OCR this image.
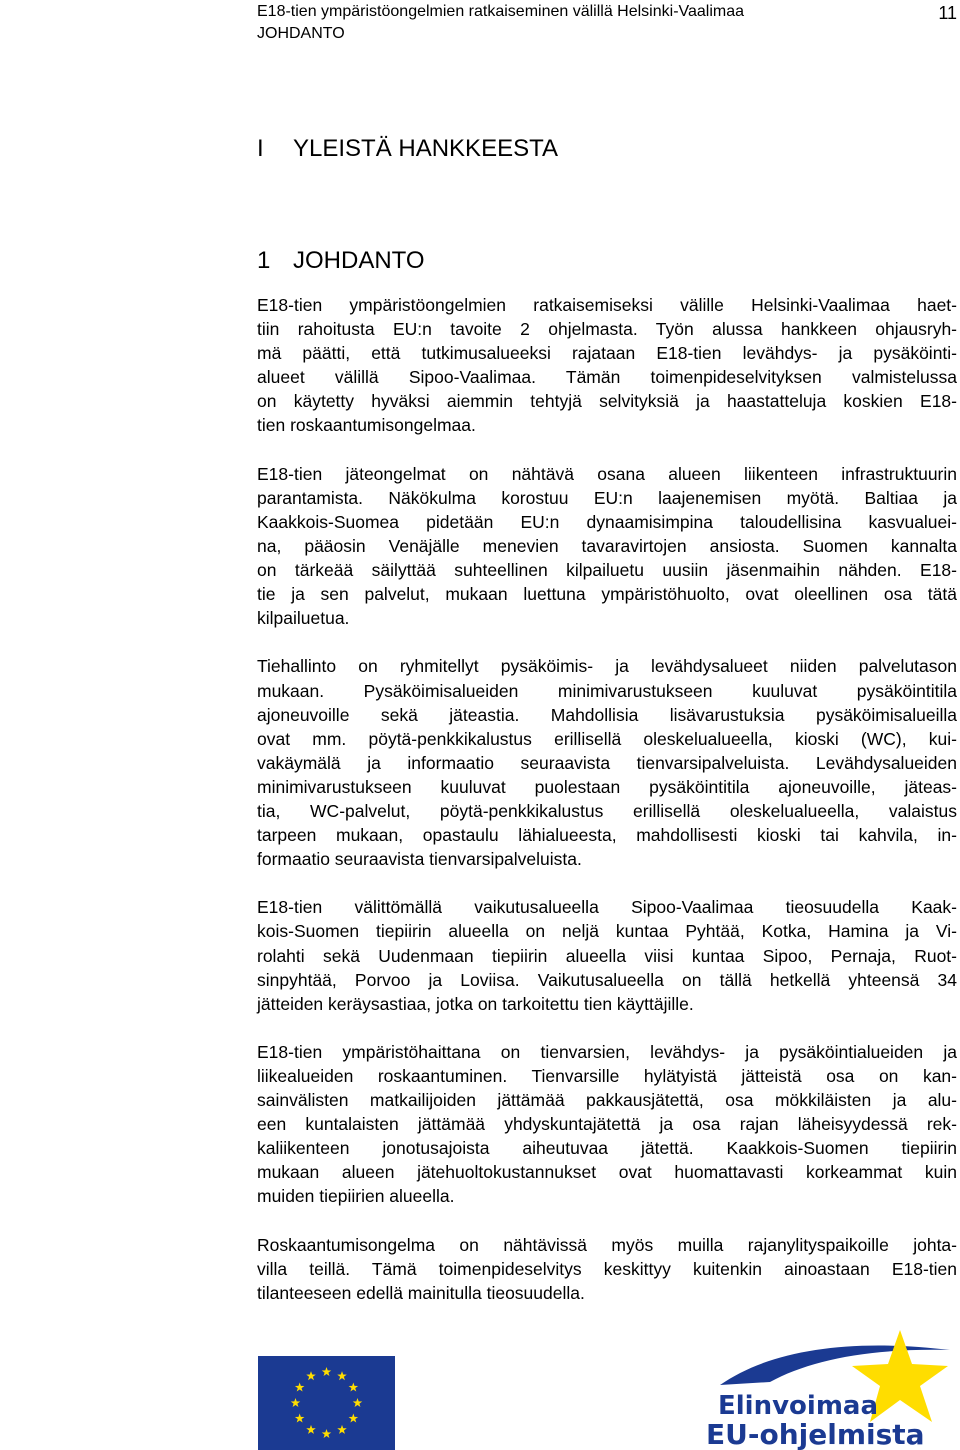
E18-tien ympäristöongelmien ratkaiseminen välillä Helsinki-Vaalimaa
JOHDANTO
11
I YLEISTÄ HANKKEESTA
1 JOHDANTO

E18-tien ympäristöongelmien ratkaisemiseksi välille Helsinki-Vaalimaa haet-
tiin rahoitusta EU:n tavoite 2 ohjelmasta. Työn alussa hankkeen ohjausryh-
mä päätti, että tutkimusalueeksi rajataan E18-tien levähdys- ja pysäköinti-
alueet välillä Sipoo-Vaalimaa. Tämän toimenpideselvityksen valmistelussa
on käytetty hyväksi aiemmin tehtyjä selvityksiä ja haastatteluja koskien E18-
tien roskaantumisongelmaa.

E18-tien jäteongelmat on nähtävä osana alueen liikenteen infrastruktuurin
parantamista. Näkökulma korostuu EU:n laajenemisen myötä. Baltiaa ja
Kaakkois-Suomea pidetään EU:n dynaamisimpina taloudellisina kasvualuei-
na, pääosin Venäjälle menevien tavaravirtojen ansiosta. Suomen kannalta
on tärkeää säilyttää suhteellinen kilpailuetu uusiin jäsenmaihin nähden. E18-
tie ja sen palvelut, mukaan luettuna ympäristöhuolto, ovat oleellinen osa tätä
kilpailuetua.

Tiehallinto on ryhmitellyt pysäköimis- ja levähdysalueet niiden palvelutason
mukaan. Pysäköimisalueiden minimivarustukseen kuuluvat pysäköintitila
ajoneuvoille sekä jäteastia. Mahdollisia lisävarustuksia pysäköimisalueilla
ovat mm. pöytä-penkkikalustus erillisellä oleskelualueella, kioski (WC), kui-
vakäymälä ja informaatio seuraavista tienvarsipalveluista. Levähdysalueiden
minimivarustukseen kuuluvat puolestaan pysäköintitila ajoneuvoille, jäteas-
tia, WC-palvelut, pöytä-penkkikalustus erillisellä oleskelualueella, valaistus
tarpeen mukaan, opastaulu lähialueesta, mahdollisesti kioski tai kahvila, in-
formaatio seuraavista tienvarsipalveluista.

E18-tien välittömällä vaikutusalueella Sipoo-Vaalimaa tieosuudella Kaak-
kois-Suomen tiepiirin alueella on neljä kuntaa Pyhtää, Kotka, Hamina ja Vi-
rolahti sekä Uudenmaan tiepiirin alueella viisi kuntaa Sipoo, Pernaja, Ruot-
sinpyhtää, Porvoo ja Loviisa. Vaikutusalueella on tällä hetkellä yhteensä 34
jätteiden keräysastiaa, jotka on tarkoitettu tien käyttäjille.

E18-tien ympäristöhaittana on tienvarsien, levähdys- ja pysäköintialueiden ja
liikealueiden roskaantuminen. Tienvarsille hylätyistä jätteistä osa on kan-
sainvälisten matkailijoiden jättämää pakkausjätettä, osa mökkiläisten ja alu-
een kuntalaisten jättämää yhdyskuntajätettä ja osa rajan läheisyydessä rek-
kaliikenteen jonotusajoista aiheutuvaa jätettä. Kaakkois-Suomen tiepiirin
mukaan alueen jätehuoltokustannukset ovat huomattavasti korkeammat kuin
muiden tiepiirien alueella.

Roskaantumisongelma on nähtävissä myös muilla rajanylityspaikoille johta-
villa teillä. Tämä toimenpideselvitys keskittyy kuitenkin ainoastaan E18-tien
tilanteeseen edellä mainitulla tieosuudella.

Elinvoimaa
EU-ohjelmista
